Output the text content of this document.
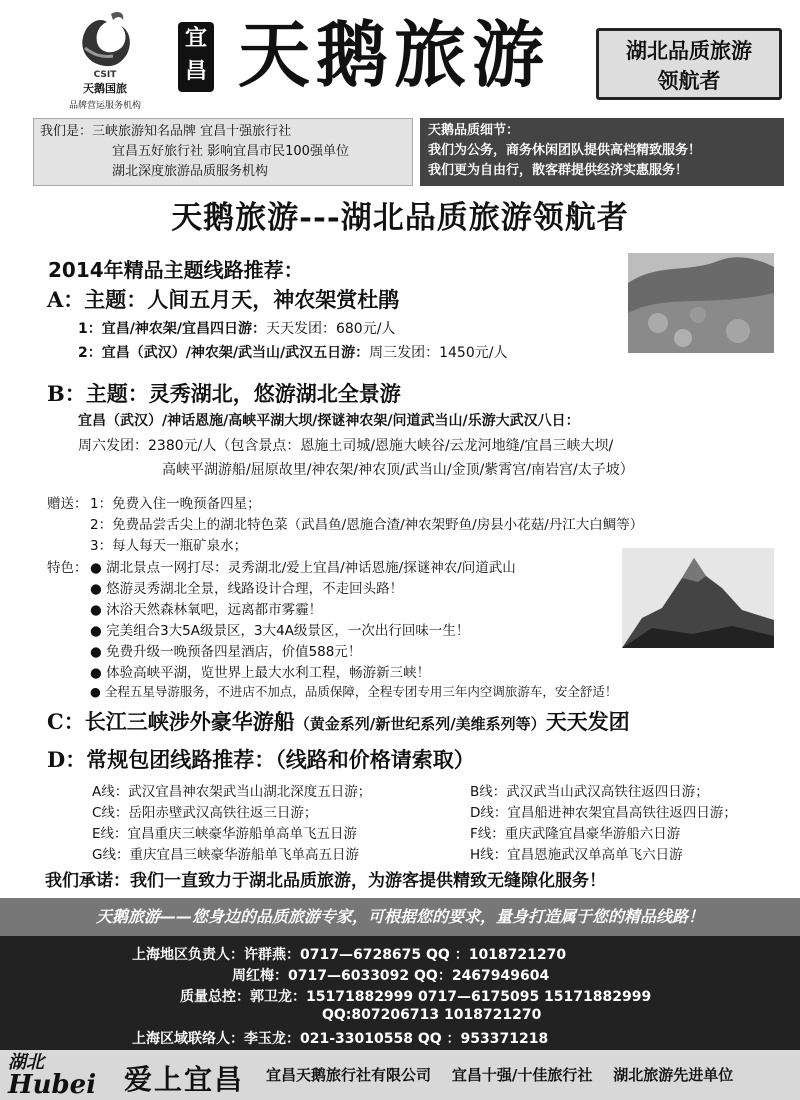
CSIT
天鹅国旅
品牌营运服务机构
宜
昌 天鹅旅游	湖北品质旅游
领航者
我们是：三峡旅游知名品牌 宜昌十强旅行社
宜昌五好旅行社 影响宜昌市民100强单位
湖北深度旅游品质服务机构
天鹅品质细节：
我们为公务，商务休闲团队提供高档精致服务！
我们更为自由行，散客群提供经济实惠服务！
天鹅旅游---湖北品质旅游领航者
2014年精品主题线路推荐：
A：主题：人间五月天，神农架赏杜鹃
1：宜昌/神农架/宜昌四日游：天天发团：680元/人
2：宜昌（武汉）/神农架/武当山/武汉五日游：周三发团：1450元/人
B：主题：灵秀湖北，悠游湖北全景游
宜昌（武汉）/神话恩施/高峡平湖大坝/探谜神农架/问道武当山/乐游大武汉八日：
周六发团：2380元/人（包含景点：恩施土司城/恩施大峡谷/云龙河地缝/宜昌三峡大坝/
高峡平湖游船/屈原故里/神农架/神农顶/武当山/金顶/紫霄宫/南岩宫/太子坡）
赠送： 1：免费入住一晚预备四星；
2：免费品尝舌尖上的湖北特色菜（武昌鱼/恩施合渣/神农架野鱼/房县小花菇/丹江大白鲷等）
3：每人每天一瓶矿泉水；
特色： ● 湖北景点一网打尽：灵秀湖北/爱上宜昌/神话恩施/探谜神农/问道武山
● 悠游灵秀湖北全景，线路设计合理，不走回头路！
● 沐浴天然森林氧吧，远离都市雾霾！
● 完美组合3大5A级景区，3大4A级景区，一次出行回味一生！
● 免费升级一晚预备四星酒店，价值588元！
● 体验高峡平湖，览世界上最大水利工程，畅游新三峡！
● 全程五星导游服务，不进店不加点，品质保障，全程专团专用三年内空调旅游车，安全舒适！
C：长江三峡涉外豪华游船（黄金系列/新世纪系列/美维系列等）天天发团
D：常规包团线路推荐：（线路和价格请索取）
A线：武汉宜昌神农架武当山湖北深度五日游；
C线：岳阳赤壁武汉高铁往返三日游；
E线：宜昌重庆三峡豪华游船单高单飞五日游
G线：重庆宜昌三峡豪华游船单飞单高五日游
B线：武汉武当山武汉高铁往返四日游；
D线：宜昌船进神农架宜昌高铁往返四日游；
F线：重庆武隆宜昌豪华游船六日游
H线：宜昌恩施武汉单高单飞六日游
我们承诺：我们一直致力于湖北品质旅游，为游客提供精致无缝隙化服务！
天鹅旅游——您身边的品质旅游专家，可根据您的要求，量身打造属于您的精品线路！
上海地区负责人：许群燕：0717—6728675 QQ ：1018721270
周红梅：0717—6033092 QQ：2467949604
质量总控：郭卫龙：15171882999 0717—6175095 15171882999
QQ:807206713 1018721270
上海区域联络人：李玉龙：021-33010558 QQ ：953371218
湖北
Hubei 爱上宜昌 宜昌天鹅旅行社有限公司    宜昌十强/十佳旅行社    湖北旅游先进单位
